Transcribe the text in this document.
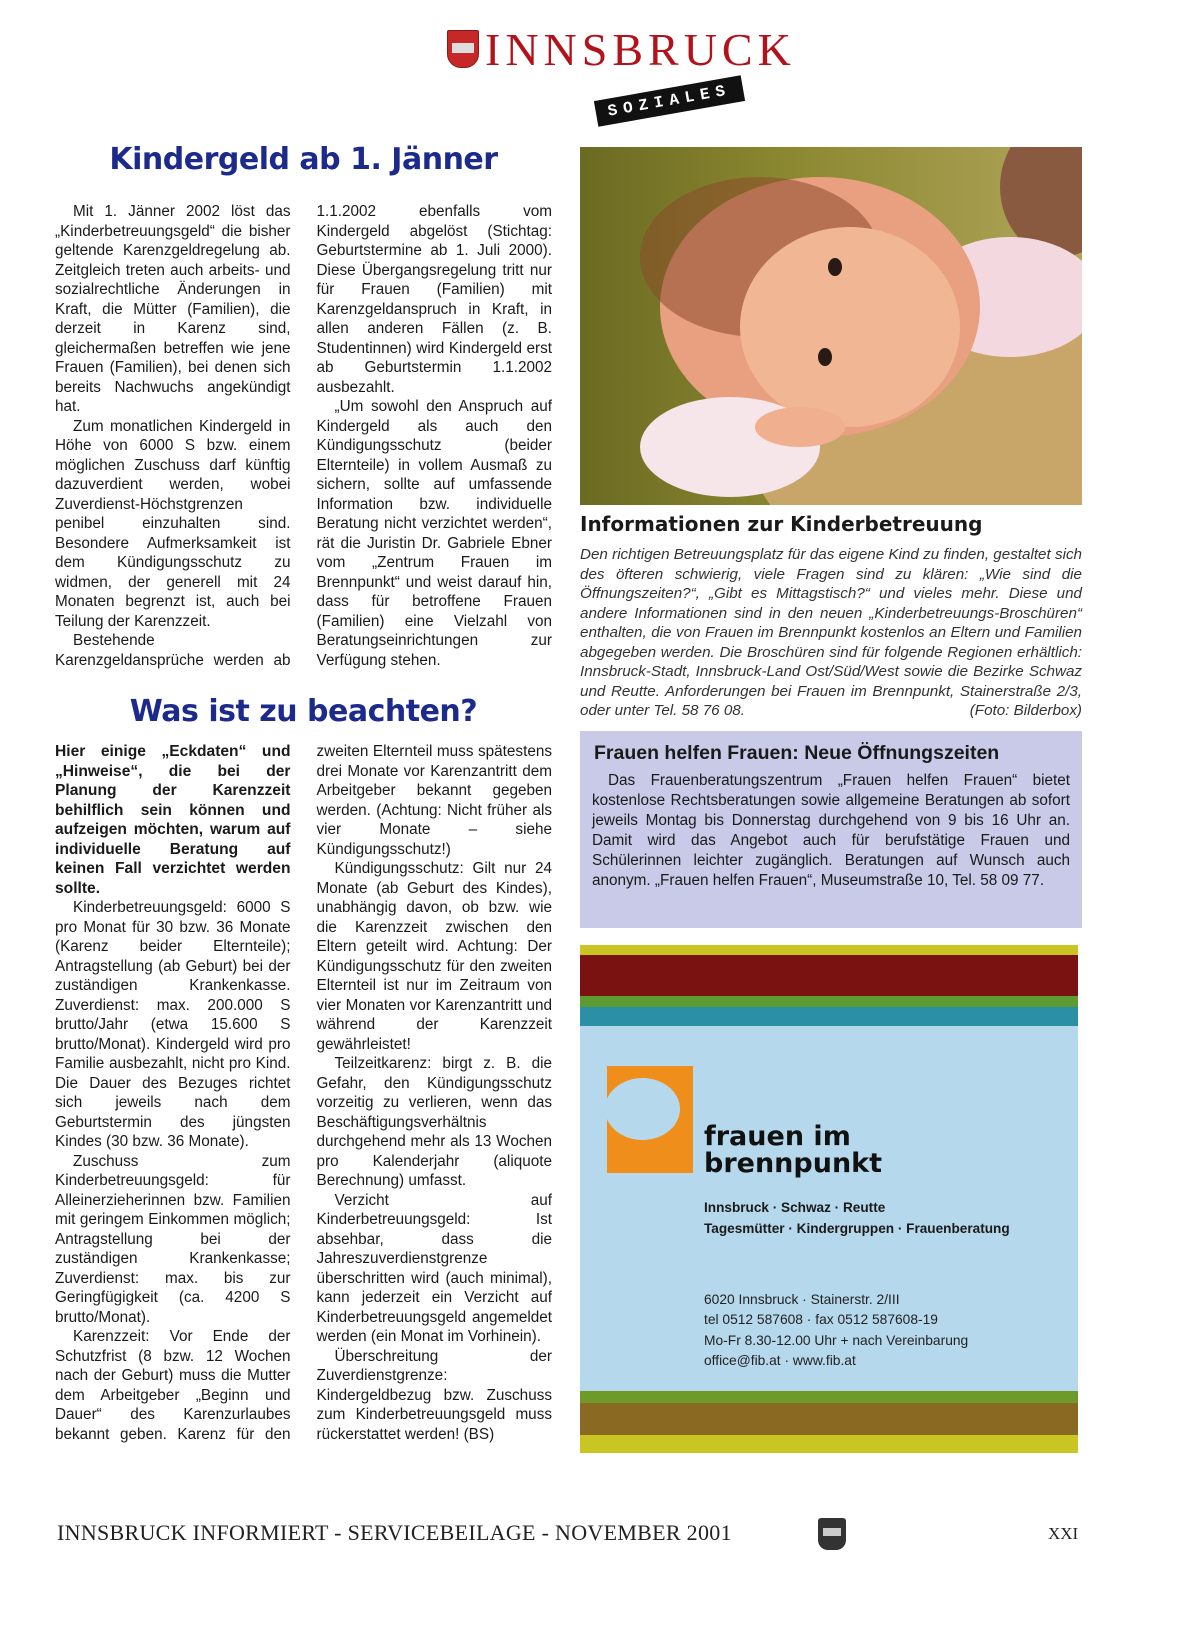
INNSBRUCK
SOZIALES
Kindergeld ab 1. Jänner

Mit 1. Jänner 2002 löst das „Kinderbetreuungsgeld“ die bisher geltende Karenzgeldregelung ab. Zeitgleich treten auch arbeits- und sozialrechtliche Änderungen in Kraft, die Mütter (Familien), die derzeit in Karenz sind, gleichermaßen betreffen wie jene Frauen (Familien), bei denen sich bereits Nachwuchs angekündigt hat.

Zum monatlichen Kindergeld in Höhe von 6000 S bzw. einem möglichen Zuschuss darf künftig dazuverdient werden, wobei Zuverdienst-Höchstgrenzen penibel einzuhalten sind. Besondere Aufmerksamkeit ist dem Kündigungsschutz zu widmen, der generell mit 24 Monaten begrenzt ist, auch bei Teilung der Karenzzeit.

Bestehende Karenzgeldansprüche werden ab 1.1.2002 ebenfalls vom Kindergeld abgelöst (Stichtag: Geburtstermine ab 1. Juli 2000). Diese Übergangsregelung tritt nur für Frauen (Familien) mit Karenzgeldanspruch in Kraft, in allen anderen Fällen (z. B. Studentinnen) wird Kindergeld erst ab Geburtstermin 1.1.2002 ausbezahlt.

„Um sowohl den Anspruch auf Kindergeld als auch den Kündigungsschutz (beider Elternteile) in vollem Ausmaß zu sichern, sollte auf umfassende Information bzw. individuelle Beratung nicht verzichtet werden“, rät die Juristin Dr. Gabriele Ebner vom „Zentrum Frauen im Brennpunkt“ und weist darauf hin, dass für betroffene Frauen (Familien) eine Vielzahl von Beratungseinrichtungen zur Verfügung stehen.

Was ist zu beachten?

Hier einige „Eckdaten“ und „Hinweise“, die bei der Planung der Karenzzeit behilflich sein können und aufzeigen möchten, warum auf individuelle Beratung auf keinen Fall verzichtet werden sollte.

Kinderbetreuungsgeld: 6000 S pro Monat für 30 bzw. 36 Monate (Karenz beider Elternteile); Antragstellung (ab Geburt) bei der zuständigen Krankenkasse. Zuverdienst: max. 200.000 S brutto/Jahr (etwa 15.600 S brutto/Monat). Kindergeld wird pro Familie ausbezahlt, nicht pro Kind. Die Dauer des Bezuges richtet sich jeweils nach dem Geburtstermin des jüngsten Kindes (30 bzw. 36 Monate).

Zuschuss zum Kinderbetreuungsgeld: für Alleinerzieherinnen bzw. Familien mit geringem Einkommen möglich; Antragstellung bei der zuständigen Krankenkasse; Zuverdienst: max. bis zur Geringfügigkeit (ca. 4200 S brutto/Monat).

Karenzzeit: Vor Ende der Schutzfrist (8 bzw. 12 Wochen nach der Geburt) muss die Mutter dem Arbeitgeber „Beginn und Dauer“ des Karenzurlaubes bekannt geben. Karenz für den zweiten Elternteil muss spätestens drei Monate vor Karenzantritt dem Arbeitgeber bekannt gegeben werden. (Achtung: Nicht früher als vier Monate – siehe Kündigungsschutz!)

Kündigungsschutz: Gilt nur 24 Monate (ab Geburt des Kindes), unabhängig davon, ob bzw. wie die Karenzzeit zwischen den Eltern geteilt wird. Achtung: Der Kündigungsschutz für den zweiten Elternteil ist nur im Zeitraum von vier Monaten vor Karenzantritt und während der Karenzzeit gewährleistet!

Teilzeitkarenz: birgt z. B. die Gefahr, den Kündigungsschutz vorzeitig zu verlieren, wenn das Beschäftigungsverhältnis durchgehend mehr als 13 Wochen pro Kalenderjahr (aliquote Berechnung) umfasst.

Verzicht auf Kinderbetreuungsgeld: Ist absehbar, dass die Jahreszuverdienstgrenze überschritten wird (auch minimal), kann jederzeit ein Verzicht auf Kinderbetreuungsgeld angemeldet werden (ein Monat im Vorhinein).

Überschreitung der Zuverdienstgrenze: Kindergeldbezug bzw. Zuschuss zum Kinderbetreuungsgeld muss rückerstattet werden! (BS)

Informationen zur Kinderbetreuung

Den richtigen Betreuungsplatz für das eigene Kind zu finden, gestaltet sich des öfteren schwierig, viele Fragen sind zu klären: „Wie sind die Öffnungszeiten?“, „Gibt es Mittagstisch?“ und vieles mehr. Diese und andere Informationen sind in den neuen „Kinderbetreuungs-Broschüren“ enthalten, die von Frauen im Brennpunkt kostenlos an Eltern und Familien abgegeben werden. Die Broschüren sind für folgende Regionen erhältlich: Innsbruck-Stadt, Innsbruck-Land Ost/Süd/West sowie die Bezirke Schwaz und Reutte. Anforderungen bei Frauen im Brennpunkt, Stainerstraße 2/3, oder unter Tel. 58 76 08.	(Foto: Bilderbox)

Frauen helfen Frauen: Neue Öffnungszeiten

Das Frauenberatungszentrum „Frauen helfen Frauen“ bietet kostenlose Rechtsberatungen sowie allgemeine Beratungen ab sofort jeweils Montag bis Donnerstag durchgehend von 9 bis 16 Uhr an. Damit wird das Angebot auch für berufstätige Frauen und Schülerinnen leichter zugänglich. Beratungen auf Wunsch auch anonym. „Frauen helfen Frauen“, Museumstraße 10, Tel. 58 09 77.

frauen im
brennpunkt
Innsbruck · Schwaz · Reutte
Tagesmütter · Kindergruppen · Frauenberatung
6020 Innsbruck · Stainerstr. 2/III
tel 0512 587608 · fax 0512 587608-19
Mo-Fr 8.30-12.00 Uhr + nach Vereinbarung
office@fib.at · www.fib.at
INNSBRUCK INFORMIERT - SERVICEBEILAGE - NOVEMBER 2001	XXI
